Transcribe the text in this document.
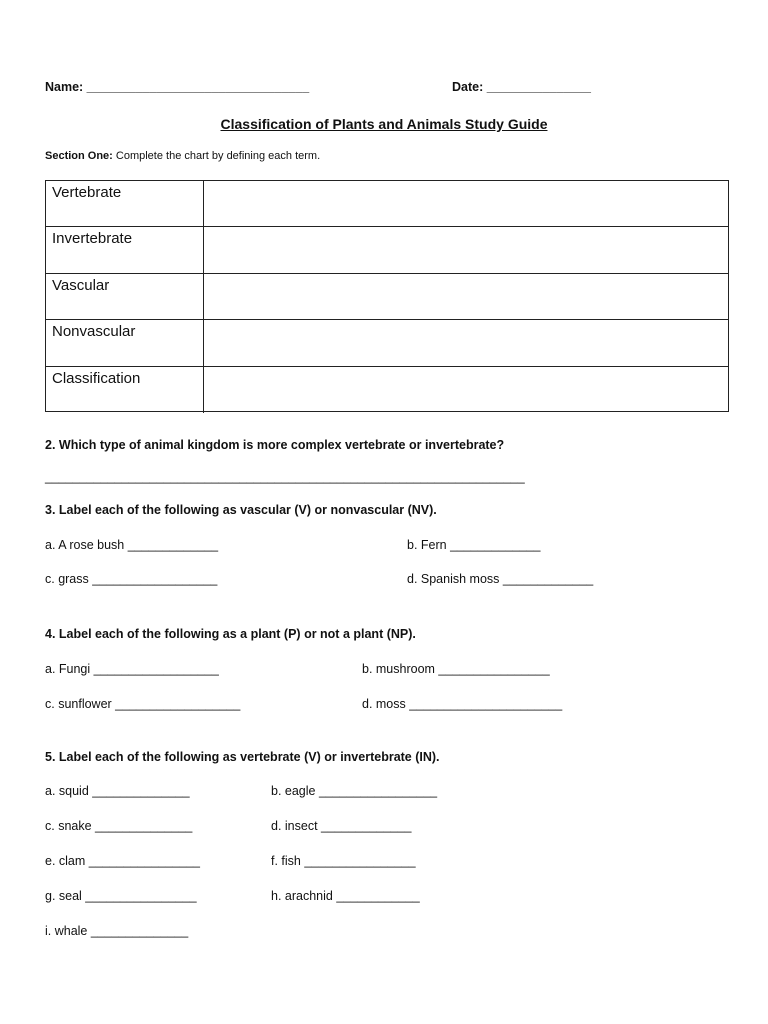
Name: ________________________________	Date: _______________
Classification of Plants and Animals Study Guide
Section One: Complete the chart by defining each term.
Vertebrate
Invertebrate
Vascular
Nonvascular
Classification
2. Which type of animal kingdom is more complex vertebrate or invertebrate?
_____________________________________________________________________
3. Label each of the following as vascular (V) or nonvascular (NV).
a. A rose bush _____________	b. Fern _____________
c. grass __________________	d. Spanish moss _____________
4. Label each of the following as a plant (P) or not a plant (NP).
a. Fungi __________________	b. mushroom ________________
c. sunflower __________________	d. moss ______________________
5. Label each of the following as vertebrate (V) or invertebrate (IN).
a. squid ______________	b. eagle _________________
c. snake ______________	d. insect _____________
e. clam ________________	f. fish ________________
g. seal ________________	h. arachnid ____________
i. whale ______________
